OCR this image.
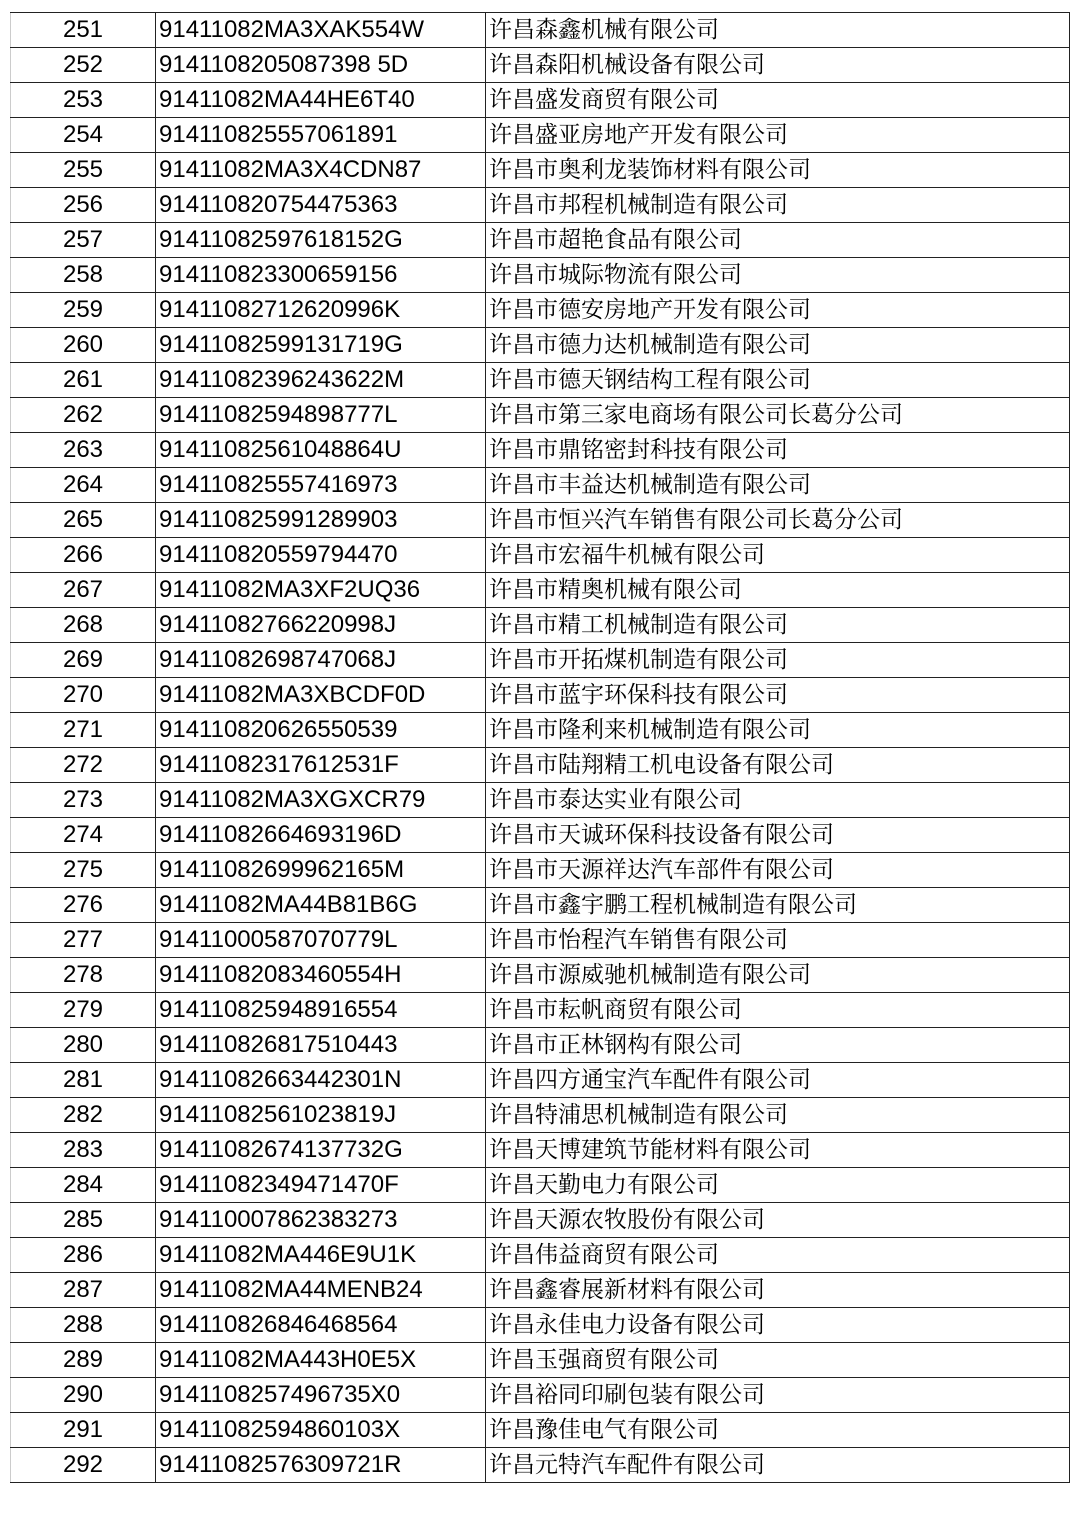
251	91411082MA3XAK554W	许昌森鑫机械有限公司
252	9141108205087398 5D	许昌森阳机械设备有限公司
253	91411082MA44HE6T40	许昌盛发商贸有限公司
254	914110825557061891	许昌盛亚房地产开发有限公司
255	91411082MA3X4CDN87	许昌市奥利龙装饰材料有限公司
256	914110820754475363	许昌市邦程机械制造有限公司
257	91411082597618152G	许昌市超艳食品有限公司
258	914110823300659156	许昌市城际物流有限公司
259	91411082712620996K	许昌市德安房地产开发有限公司
260	91411082599131719G	许昌市德力达机械制造有限公司
261	91411082396243622M	许昌市德天钢结构工程有限公司
262	91411082594898777L	许昌市第三家电商场有限公司长葛分公司
263	91411082561048864U	许昌市鼎铭密封科技有限公司
264	914110825557416973	许昌市丰益达机械制造有限公司
265	914110825991289903	许昌市恒兴汽车销售有限公司长葛分公司
266	914110820559794470	许昌市宏福牛机械有限公司
267	91411082MA3XF2UQ36	许昌市精奥机械有限公司
268	91411082766220998J	许昌市精工机械制造有限公司
269	91411082698747068J	许昌市开拓煤机制造有限公司
270	91411082MA3XBCDF0D	许昌市蓝宇环保科技有限公司
271	914110820626550539	许昌市隆利来机械制造有限公司
272	91411082317612531F	许昌市陆翔精工机电设备有限公司
273	91411082MA3XGXCR79	许昌市泰达实业有限公司
274	91411082664693196D	许昌市天诚环保科技设备有限公司
275	91411082699962165M	许昌市天源祥达汽车部件有限公司
276	91411082MA44B81B6G	许昌市鑫宇鹏工程机械制造有限公司
277	91411000587070779L	许昌市怡程汽车销售有限公司
278	91411082083460554H	许昌市源威驰机械制造有限公司
279	914110825948916554	许昌市耘帆商贸有限公司
280	914110826817510443	许昌市正林钢构有限公司
281	91411082663442301N	许昌四方通宝汽车配件有限公司
282	91411082561023819J	许昌特浦思机械制造有限公司
283	91411082674137732G	许昌天博建筑节能材料有限公司
284	91411082349471470F	许昌天勤电力有限公司
285	914110007862383273	许昌天源农牧股份有限公司
286	91411082MA446E9U1K	许昌伟益商贸有限公司
287	91411082MA44MENB24	许昌鑫睿展新材料有限公司
288	914110826846468564	许昌永佳电力设备有限公司
289	91411082MA443H0E5X	许昌玉强商贸有限公司
290	9141108257496735X0	许昌裕同印刷包装有限公司
291	91411082594860103X	许昌豫佳电气有限公司
292	91411082576309721R	许昌元特汽车配件有限公司
